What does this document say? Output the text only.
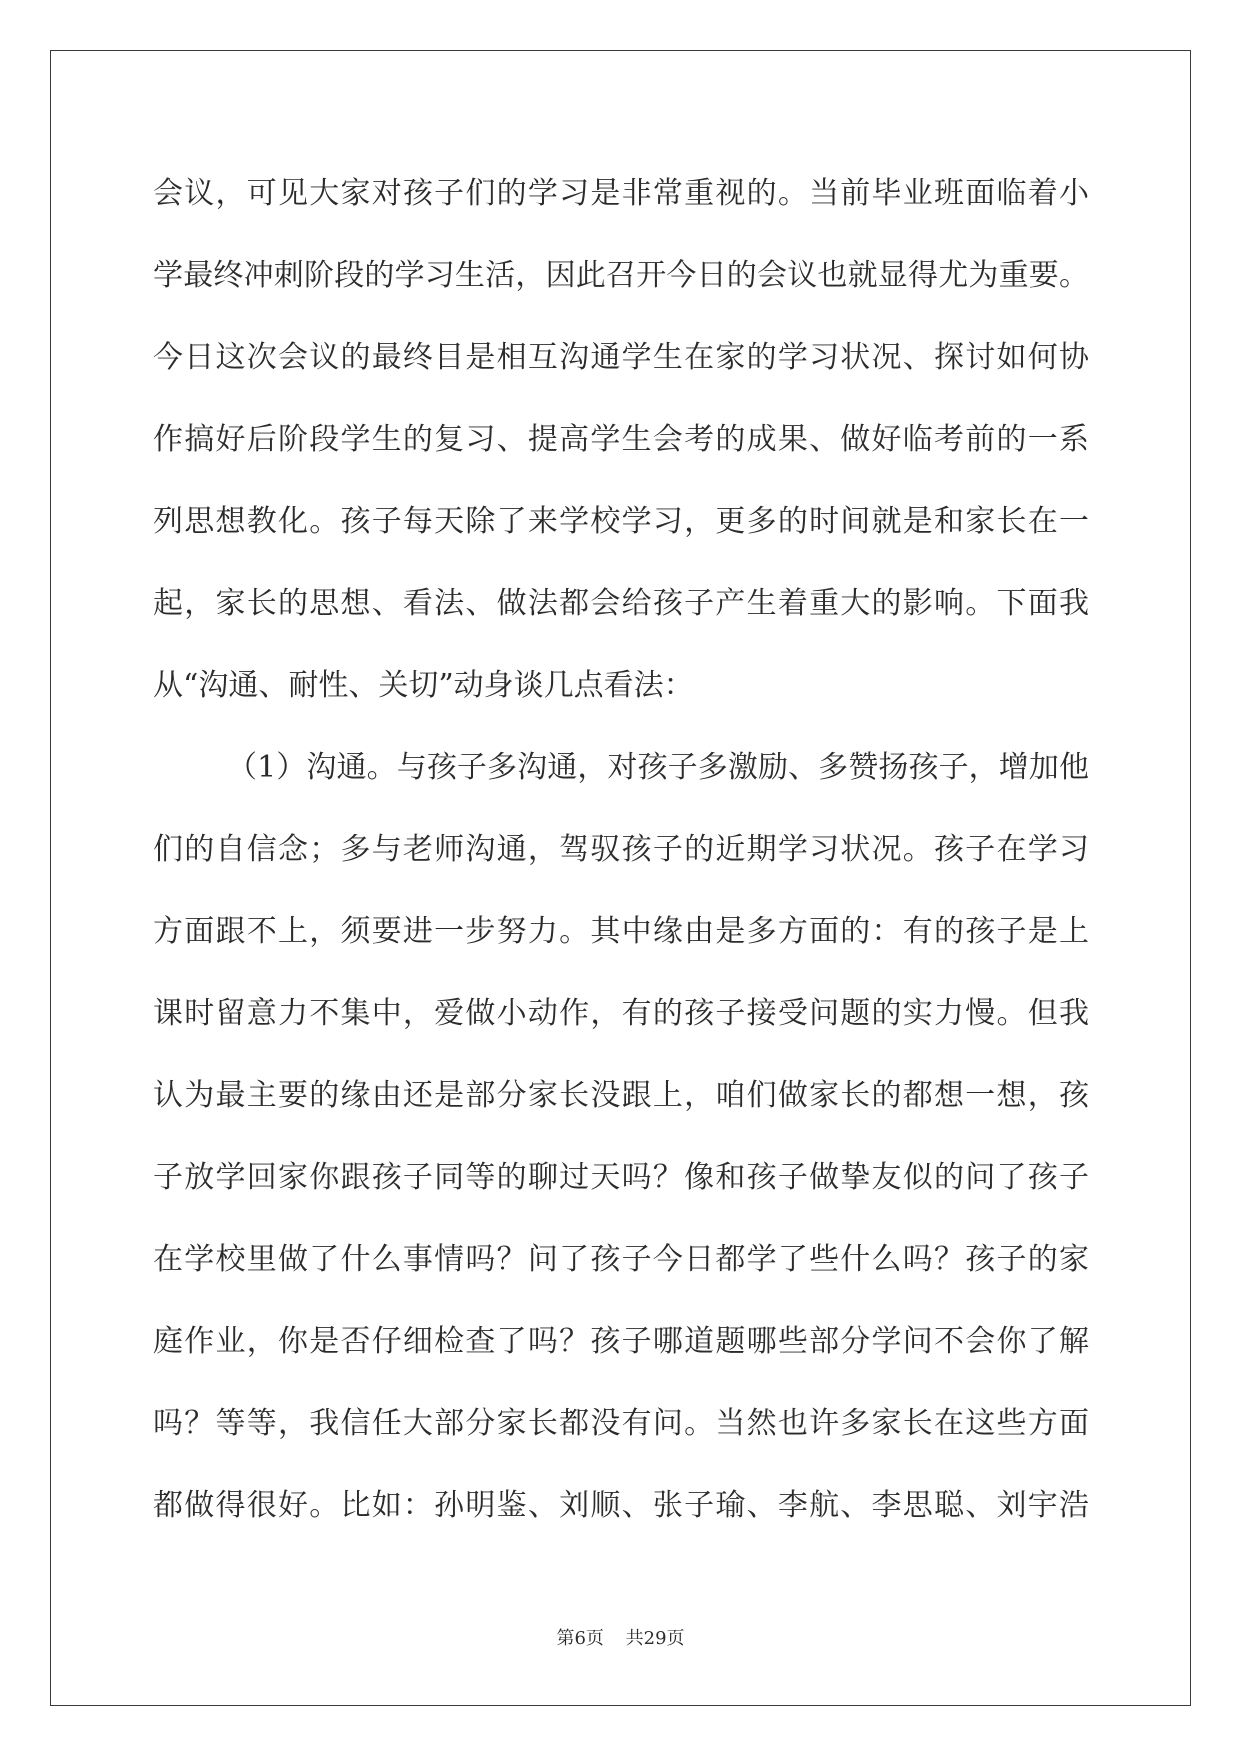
会议，可见大家对孩子们的学习是非常重视的。当前毕业班面临着小
学最终冲刺阶段的学习生活，因此召开今日的会议也就显得尤为重要。
今日这次会议的最终目是相互沟通学生在家的学习状况、探讨如何协
作搞好后阶段学生的复习、提高学生会考的成果、做好临考前的一系
列思想教化。孩子每天除了来学校学习，更多的时间就是和家长在一
起，家长的思想、看法、做法都会给孩子产生着重大的影响。下面我
从“沟通、耐性、关切”动身谈几点看法：
（1）沟通。与孩子多沟通，对孩子多激励、多赞扬孩子，增加他
们的自信念；多与老师沟通，驾驭孩子的近期学习状况。孩子在学习
方面跟不上，须要进一步努力。其中缘由是多方面的：有的孩子是上
课时留意力不集中，爱做小动作，有的孩子接受问题的实力慢。但我
认为最主要的缘由还是部分家长没跟上，咱们做家长的都想一想，孩
子放学回家你跟孩子同等的聊过天吗？像和孩子做挚友似的问了孩子
在学校里做了什么事情吗？问了孩子今日都学了些什么吗？孩子的家
庭作业，你是否仔细检查了吗？孩子哪道题哪些部分学问不会你了解
吗？等等，我信任大部分家长都没有问。当然也许多家长在这些方面
都做得很好。比如：孙明鉴、刘顺、张子瑜、李航、李思聪、刘宇浩
第6页 共29页
